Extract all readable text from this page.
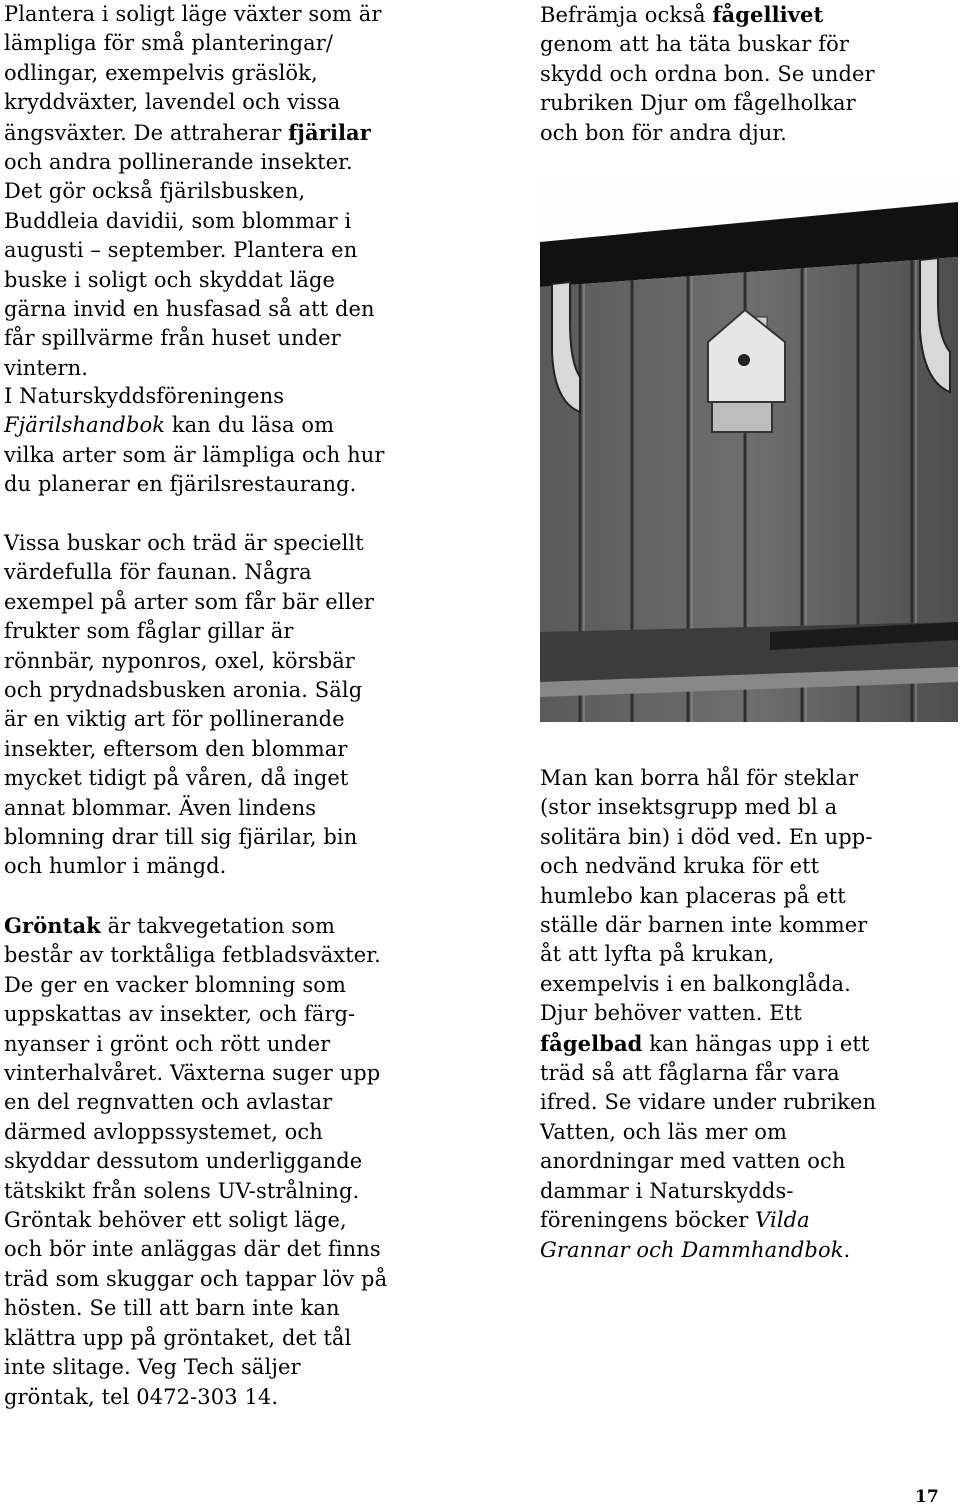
Plantera i soligt läge växter som är
lämpliga för små planteringar/
odlingar, exempelvis gräslök,
kryddväxter, lavendel och vissa
ängsväxter. De attraherar fjärilar
och andra pollinerande insekter.
Det gör också fjärilsbusken,
Buddleia davidii, som blommar i
augusti – september. Plantera en
buske i soligt och skyddat läge
gärna invid en husfasad så att den
får spillvärme från huset under
vintern.

I Naturskyddsföreningens
Fjärilshandbok kan du läsa om
vilka arter som är lämpliga och hur
du planerar en fjärilsrestaurang.

Vissa buskar och träd är speciellt
värdefulla för faunan. Några
exempel på arter som får bär eller
frukter som fåglar gillar är
rönnbär, nyponros, oxel, körsbär
och prydnadsbusken aronia. Sälg
är en viktig art för pollinerande
insekter, eftersom den blommar
mycket tidigt på våren, då inget
annat blommar. Även lindens
blomning drar till sig fjärilar, bin
och humlor i mängd.

Gröntak är takvegetation som
består av torktåliga fetbladsväxter.
De ger en vacker blomning som
uppskattas av insekter, och färg-
nyanser i grönt och rött under
vinterhalvåret. Växterna suger upp
en del regnvatten och avlastar
därmed avloppssystemet, och
skyddar dessutom underliggande
tätskikt från solens UV-strålning.
Gröntak behöver ett soligt läge,
och bör inte anläggas där det finns
träd som skuggar och tappar löv på
hösten. Se till att barn inte kan
klättra upp på gröntaket, det tål
inte slitage. Veg Tech säljer
gröntak, tel 0472-303 14.

Befrämja också fågellivet
genom att ha täta buskar för
skydd och ordna bon. Se under
rubriken Djur om fågelholkar
och bon för andra djur.

Man kan borra hål för steklar
(stor insektsgrupp med bl a
solitära bin) i död ved. En upp-
och nedvänd kruka för ett
humlebo kan placeras på ett
ställe där barnen inte kommer
åt att lyfta på krukan,
exempelvis i en balkonglåda.
Djur behöver vatten. Ett
fågelbad kan hängas upp i ett
träd så att fåglarna får vara
ifred. Se vidare under rubriken
Vatten, och läs mer om
anordningar med vatten och
dammar i Naturskydds-
föreningens böcker Vilda
Grannar och Dammhandbok.

17
